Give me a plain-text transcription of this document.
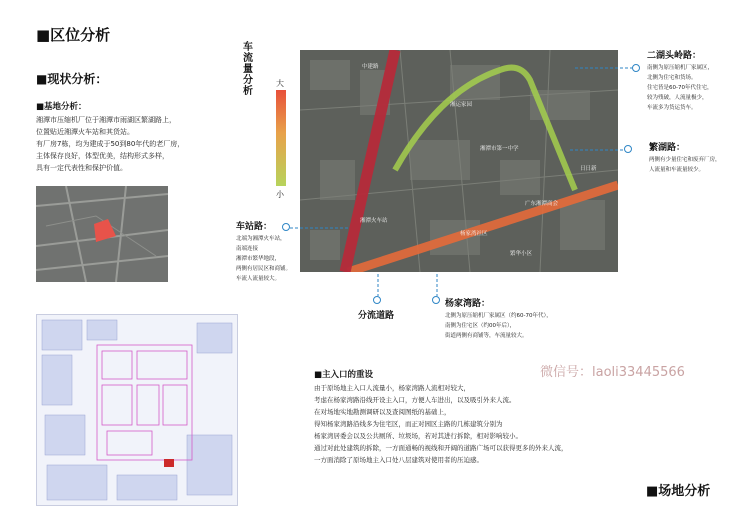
■区位分析
■现状分析：
■基地分析：
湘潭市压缩机厂位于湘潭市雨湖区繁湖路上，
位置贴近湘潭火车站和其货站。
有厂房7栋，均为建成于50到80年代的老厂房，
主体保存良好，体型优美，结构形式多样，
具有一定代表性和保护价值。
车流量分析
大
小
中建路
湘运家园
湘潭火车站
广东湘潭商会
杨家湾社区
繁华小区
日日新
湘潭市第一中学
二湖头岭路：
南侧为原压缩机厂家属区，
北侧为住宅和货场。
住宅皆是60-70年代住宅，
较为残破，人流量极少，
车流多为货运货车。
繁湖路：
两侧有少量住宅和废弃厂房，
人流量和车流量较少。
车站路：
北端为湘潭火车站，
南端连接
湘潭市繁华地段，
两侧有居民区和商铺。
车流人流量较大。
分流道路
杨家湾路：
北侧为原压缩机厂家属区（约60-70年代），
南侧为住宅区（约00年后），
街道两侧有商铺等，车流量较大。
■主入口的重设
由于原场地主入口人流量小，杨家湾路人流相对较大，
考虑在杨家湾路沿线开设主入口，方便人车进出，以及吸引外来人流。
在对场地实地勘测调研以及查阅图纸的基础上，
得知杨家湾路沿线多为住宅区，而正对园区主路的几栋建筑分别为
杨家湾居委会以及公共厕所、垃圾场，若对其进行拆除，相对影响较小。
通过对此处建筑的拆除，一方面通畅的视线和开阔的道路广场可以获得更多的外来人流，
一方面消除了原场地主入口处八层建筑对使用者的压迫感。
微信号：laoli33445566
■场地分析
